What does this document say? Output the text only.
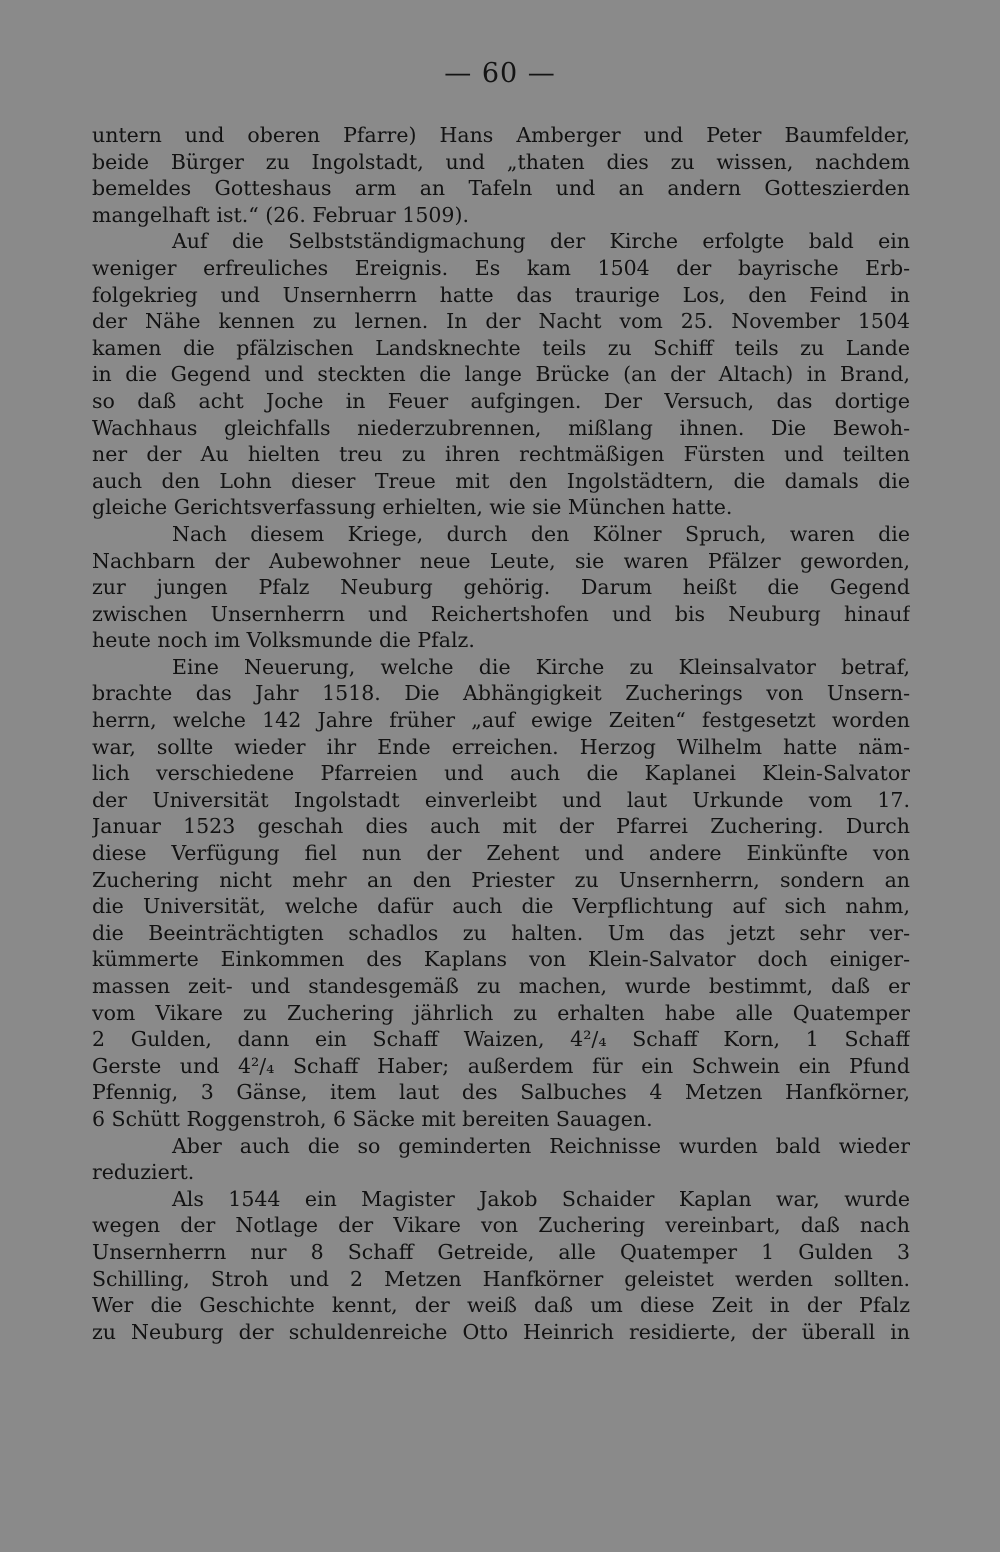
— 60 —
untern und oberen Pfarre) Hans Amberger und Peter Baumfelder,
beide Bürger zu Ingolstadt, und „thaten dies zu wissen, nachdem
bemeldes Gotteshaus arm an Tafeln und an andern Gotteszierden
mangelhaft ist.“ (26. Februar 1509).
Auf die Selbstständigmachung der Kirche erfolgte bald ein
weniger erfreuliches Ereignis. Es kam 1504 der bayrische Erb-
folgekrieg und Unsernherrn hatte das traurige Los, den Feind in
der Nähe kennen zu lernen. In der Nacht vom 25. November 1504
kamen die pfälzischen Landsknechte teils zu Schiff teils zu Lande
in die Gegend und steckten die lange Brücke (an der Altach) in Brand,
so daß acht Joche in Feuer aufgingen. Der Versuch, das dortige
Wachhaus gleichfalls niederzubrennen, mißlang ihnen. Die Bewoh-
ner der Au hielten treu zu ihren rechtmäßigen Fürsten und teilten
auch den Lohn dieser Treue mit den Ingolstädtern, die damals die
gleiche Gerichtsverfassung erhielten, wie sie München hatte.
Nach diesem Kriege, durch den Kölner Spruch, waren die
Nachbarn der Aubewohner neue Leute, sie waren Pfälzer geworden,
zur jungen Pfalz Neuburg gehörig. Darum heißt die Gegend
zwischen Unsernherrn und Reichertshofen und bis Neuburg hinauf
heute noch im Volksmunde die Pfalz.
Eine Neuerung, welche die Kirche zu Kleinsalvator betraf,
brachte das Jahr 1518. Die Abhängigkeit Zucherings von Unsern-
herrn, welche 142 Jahre früher „auf ewige Zeiten“ festgesetzt worden
war, sollte wieder ihr Ende erreichen. Herzog Wilhelm hatte näm-
lich verschiedene Pfarreien und auch die Kaplanei Klein-Salvator
der Universität Ingolstadt einverleibt und laut Urkunde vom 17.
Januar 1523 geschah dies auch mit der Pfarrei Zuchering. Durch
diese Verfügung fiel nun der Zehent und andere Einkünfte von
Zuchering nicht mehr an den Priester zu Unsernherrn, sondern an
die Universität, welche dafür auch die Verpflichtung auf sich nahm,
die Beeinträchtigten schadlos zu halten. Um das jetzt sehr ver-
kümmerte Einkommen des Kaplans von Klein-Salvator doch einiger-
massen zeit- und standesgemäß zu machen, wurde bestimmt, daß er
vom Vikare zu Zuchering jährlich zu erhalten habe alle Quatemper
2 Gulden, dann ein Schaff Waizen, 4²/₄ Schaff Korn, 1 Schaff
Gerste und 4²/₄ Schaff Haber; außerdem für ein Schwein ein Pfund
Pfennig, 3 Gänse, item laut des Salbuches 4 Metzen Hanfkörner,
6 Schütt Roggenstroh, 6 Säcke mit bereiten Sauagen.
Aber auch die so geminderten Reichnisse wurden bald wieder
reduziert.
Als 1544 ein Magister Jakob Schaider Kaplan war, wurde
wegen der Notlage der Vikare von Zuchering vereinbart, daß nach
Unsernherrn nur 8 Schaff Getreide, alle Quatemper 1 Gulden 3
Schilling, Stroh und 2 Metzen Hanfkörner geleistet werden sollten.
Wer die Geschichte kennt, der weiß daß um diese Zeit in der Pfalz
zu Neuburg der schuldenreiche Otto Heinrich residierte, der überall in
